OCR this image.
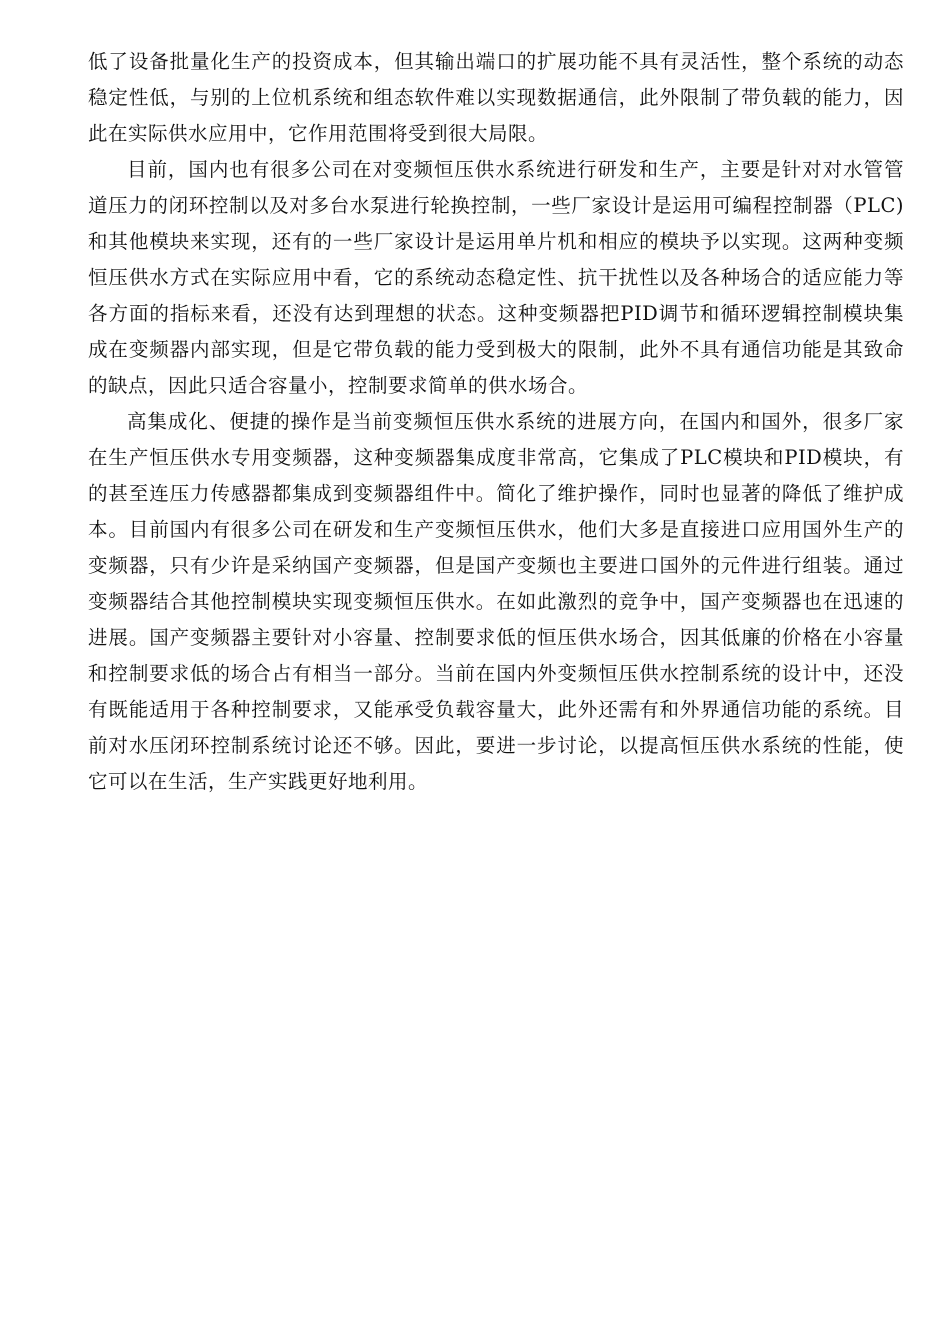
低了设备批量化生产的投资成本，但其输出端口的扩展功能不具有灵活性，整个系统的动态稳定性低，与别的上位机系统和组态软件难以实现数据通信，此外限制了带负载的能力，因此在实际供水应用中，它作用范围将受到很大局限。

目前，国内也有很多公司在对变频恒压供水系统进行研发和生产，主要是针对对水管管道压力的闭环控制以及对多台水泵进行轮换控制，一些厂家设计是运用可编程控制器（PLC)和其他模块来实现，还有的一些厂家设计是运用单片机和相应的模块予以实现。这两种变频恒压供水方式在实际应用中看，它的系统动态稳定性、抗干扰性以及各种场合的适应能力等各方面的指标来看，还没有达到理想的状态。这种变频器把PID调节和循环逻辑控制模块集成在变频器内部实现，但是它带负载的能力受到极大的限制，此外不具有通信功能是其致命的缺点，因此只适合容量小，控制要求简单的供水场合。

高集成化、便捷的操作是当前变频恒压供水系统的进展方向，在国内和国外，很多厂家在生产恒压供水专用变频器，这种变频器集成度非常高，它集成了PLC模块和PID模块，有的甚至连压力传感器都集成到变频器组件中。简化了维护操作，同时也显著的降低了维护成本。目前国内有很多公司在研发和生产变频恒压供水，他们大多是直接进口应用国外生产的变频器，只有少许是采纳国产变频器，但是国产变频也主要进口国外的元件进行组装。通过变频器结合其他控制模块实现变频恒压供水。在如此激烈的竞争中，国产变频器也在迅速的进展。国产变频器主要针对小容量、控制要求低的恒压供水场合，因其低廉的价格在小容量和控制要求低的场合占有相当一部分。当前在国内外变频恒压供水控制系统的设计中，还没有既能适用于各种控制要求，又能承受负载容量大，此外还需有和外界通信功能的系统。目前对水压闭环控制系统讨论还不够。因此，要进一步讨论，以提高恒压供水系统的性能，使它可以在生活，生产实践更好地利用。
